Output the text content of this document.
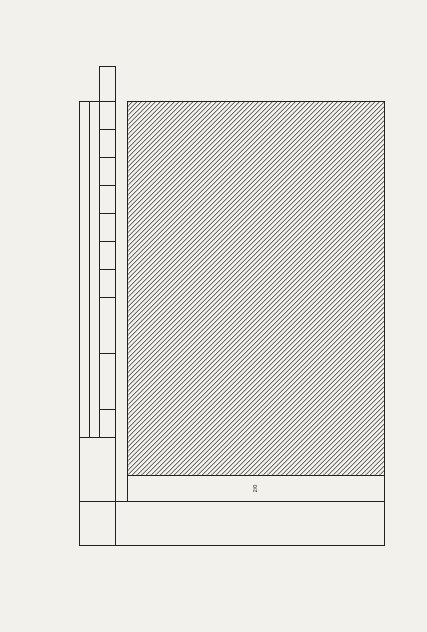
	2/0												
